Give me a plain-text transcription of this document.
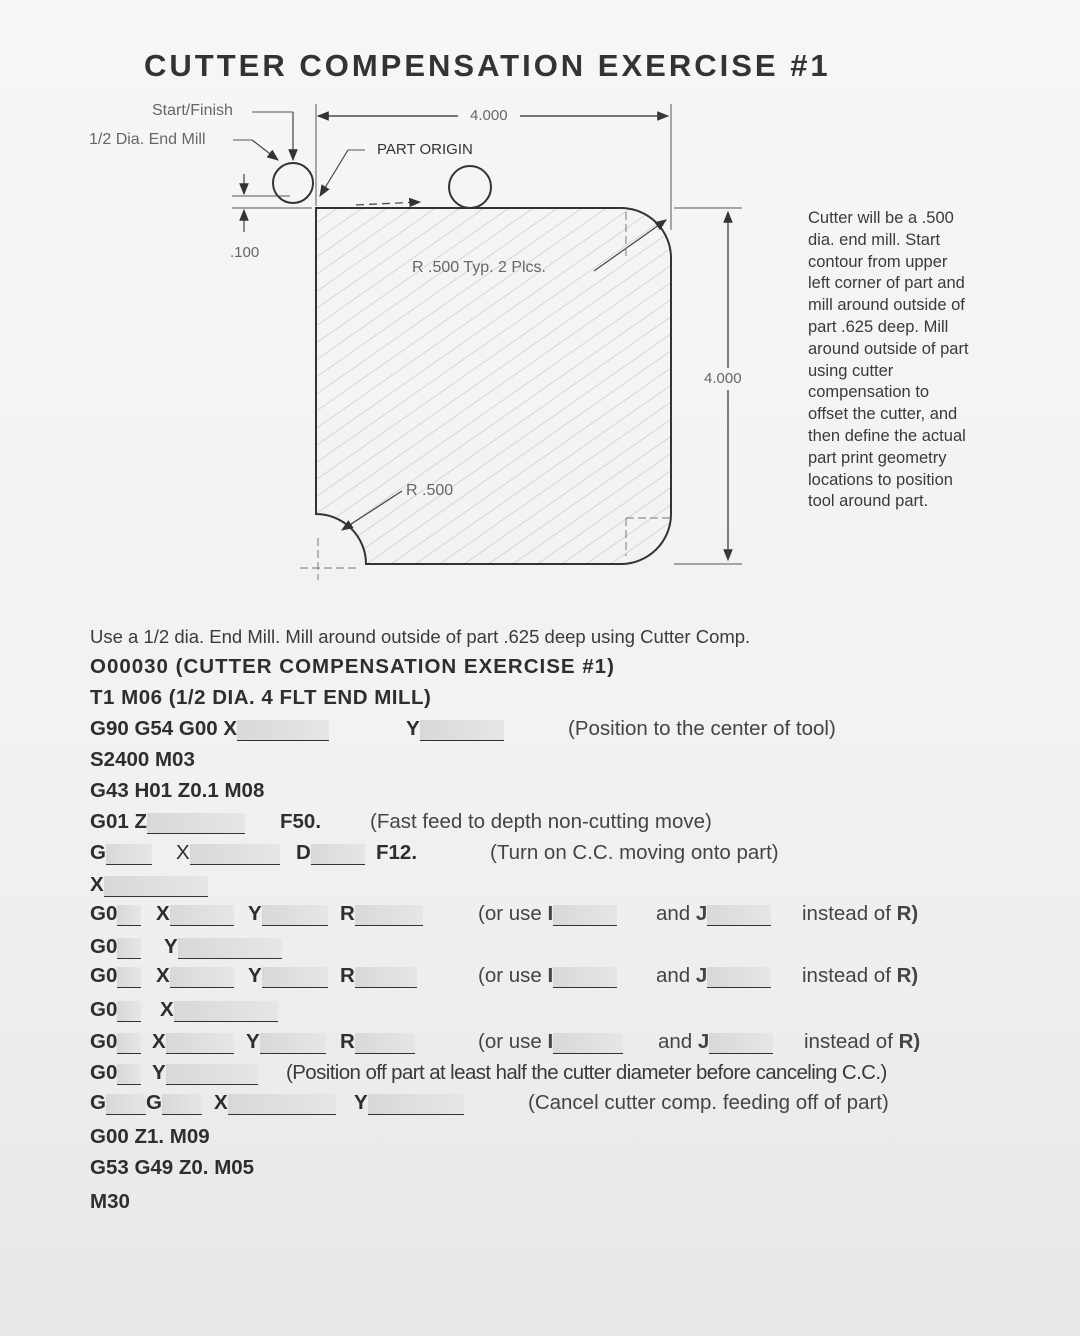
CUTTER COMPENSATION EXERCISE #1
Start/Finish
1/2 Dia. End Mill
4.000
PART ORIGIN
.100
R .500 Typ. 2 Plcs.
R .500
4.000
Cutter will be a .500 dia. end mill. Start contour from upper left corner of part and mill around outside of part .625 deep. Mill around outside of part using cutter compensation to offset the cutter, and then define the actual part print geometry locations to position tool around part.
Use a 1/2 dia. End Mill. Mill around outside of part .625 deep using Cutter Comp.
O00030 (CUTTER COMPENSATION EXERCISE #1)
T1 M06 (1/2 DIA. 4 FLT END MILL)
G90 G54 G00 X	Y	(Position to the center of tool)
S2400 M03
G43 H01 Z0.1 M08
G01 Z	F50. (Fast feed to depth non-cutting move)
G	X	D	F12.	(Turn on C.C. moving onto part)
X
G0	X	Y	R	(or use I	and J	instead of R)
G0	Y
G0	X	Y	R	(or use I	and J	instead of R)
G0	X
G0	X	Y	R	(or use I	and J	instead of R)
G0	Y	(Position off part at least half the cutter diameter before canceling C.C.)
G	G	X	Y	(Cancel cutter comp. feeding off of part)
G00 Z1. M09
G53 G49 Z0. M05
M30
